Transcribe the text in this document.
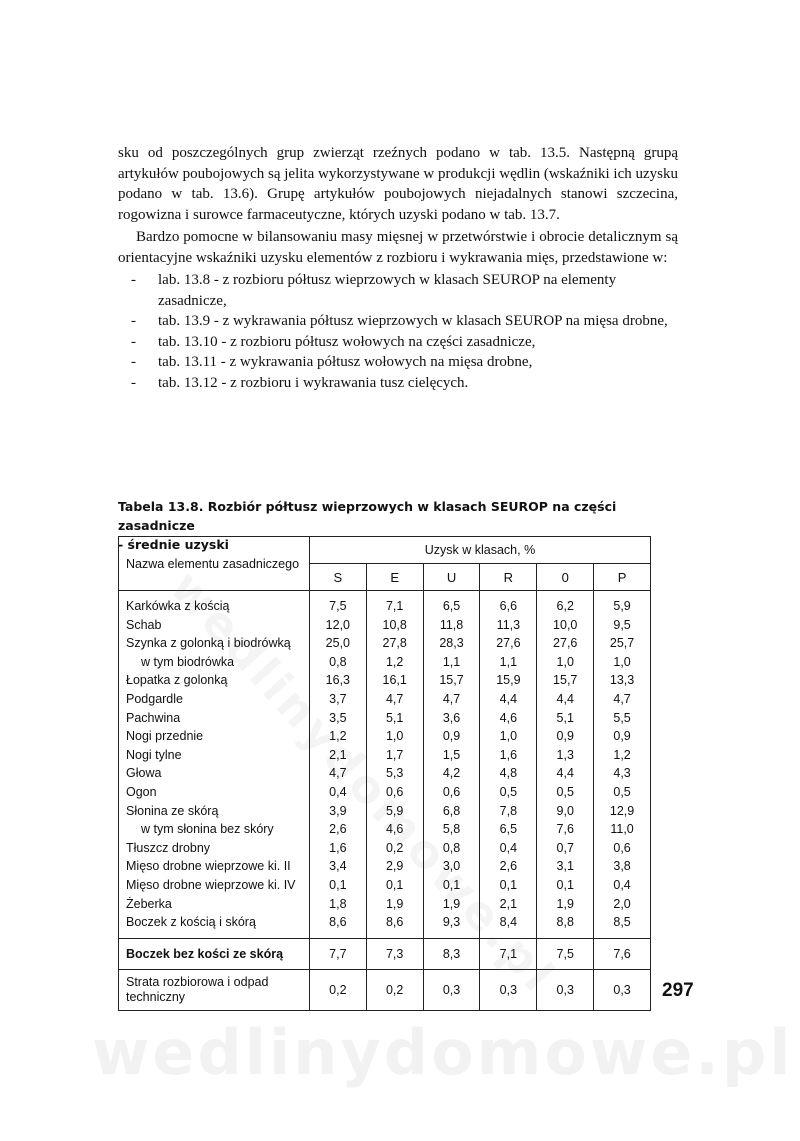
sku od poszczególnych grup zwierząt rzeźnych podano w tab. 13.5. Następną grupą artykułów poubojowych są jelita wykorzystywane w produkcji wędlin (wskaźniki ich uzysku podano w tab. 13.6). Grupę artykułów poubojowych niejadalnych stanowi szczecina, rogowizna i surowce farmaceutyczne, których uzyski podano w tab. 13.7.

Bardzo pomocne w bilansowaniu masy mięsnej w przetwórstwie i obrocie detalicznym są orientacyjne wskaźniki uzysku elementów z rozbioru i wykrawania mięs, przedstawione w:

- lab. 13.8 - z rozbioru półtusz wieprzowych w klasach SEUROP na elementy zasadnicze,
- tab. 13.9 - z wykrawania półtusz wieprzowych w klasach SEUROP na mięsa drobne,
- tab. 13.10 - z rozbioru półtusz wołowych na części zasadnicze,
- tab. 13.11 - z wykrawania półtusz wołowych na mięsa drobne,
- tab. 13.12 - z rozbioru i wykrawania tusz cielęcych.
Tabela 13.8. Rozbiór półtusz wieprzowych w klasach SEUROP na części zasadnicze
- średnie uzyski
Nazwa elementu zasadniczego	Uzysk w klasach, %					
	S	E	U	R	0	P
Karkówka z kością	7,5	7,1	6,5	6,6	6,2	5,9
Schab	12,0	10,8	11,8	11,3	10,0	9,5
Szynka z golonką i biodrówką	25,0	27,8	28,3	27,6	27,6	25,7
w tym biodrówka	0,8	1,2	1,1	1,1	1,0	1,0
Łopatka z golonką	16,3	16,1	15,7	15,9	15,7	13,3
Podgardle	3,7	4,7	4,7	4,4	4,4	4,7
Pachwina	3,5	5,1	3,6	4,6	5,1	5,5
Nogi przednie	1,2	1,0	0,9	1,0	0,9	0,9
Nogi tylne	2,1	1,7	1,5	1,6	1,3	1,2
Głowa	4,7	5,3	4,2	4,8	4,4	4,3
Ogon	0,4	0,6	0,6	0,5	0,5	0,5
Słonina ze skórą	3,9	5,9	6,8	7,8	9,0	12,9
w tym słonina bez skóry	2,6	4,6	5,8	6,5	7,6	11,0
Tłuszcz drobny	1,6	0,2	0,8	0,4	0,7	0,6
Mięso drobne wieprzowe ki. II	3,4	2,9	3,0	2,6	3,1	3,8
Mięso drobne wieprzowe ki. IV	0,1	0,1	0,1	0,1	0,1	0,4
Żeberka	1,8	1,9	1,9	2,1	1,9	2,0
Boczek z kością i skórą	8,6	8,6	9,3	8,4	8,8	8,5
Boczek bez kości ze skórą	7,7	7,3	8,3	7,1	7,5	7,6
Strata rozbiorowa i odpad techniczny	0,2	0,2	0,3	0,3	0,3	0,3 297
wedlinydomowe.pl
